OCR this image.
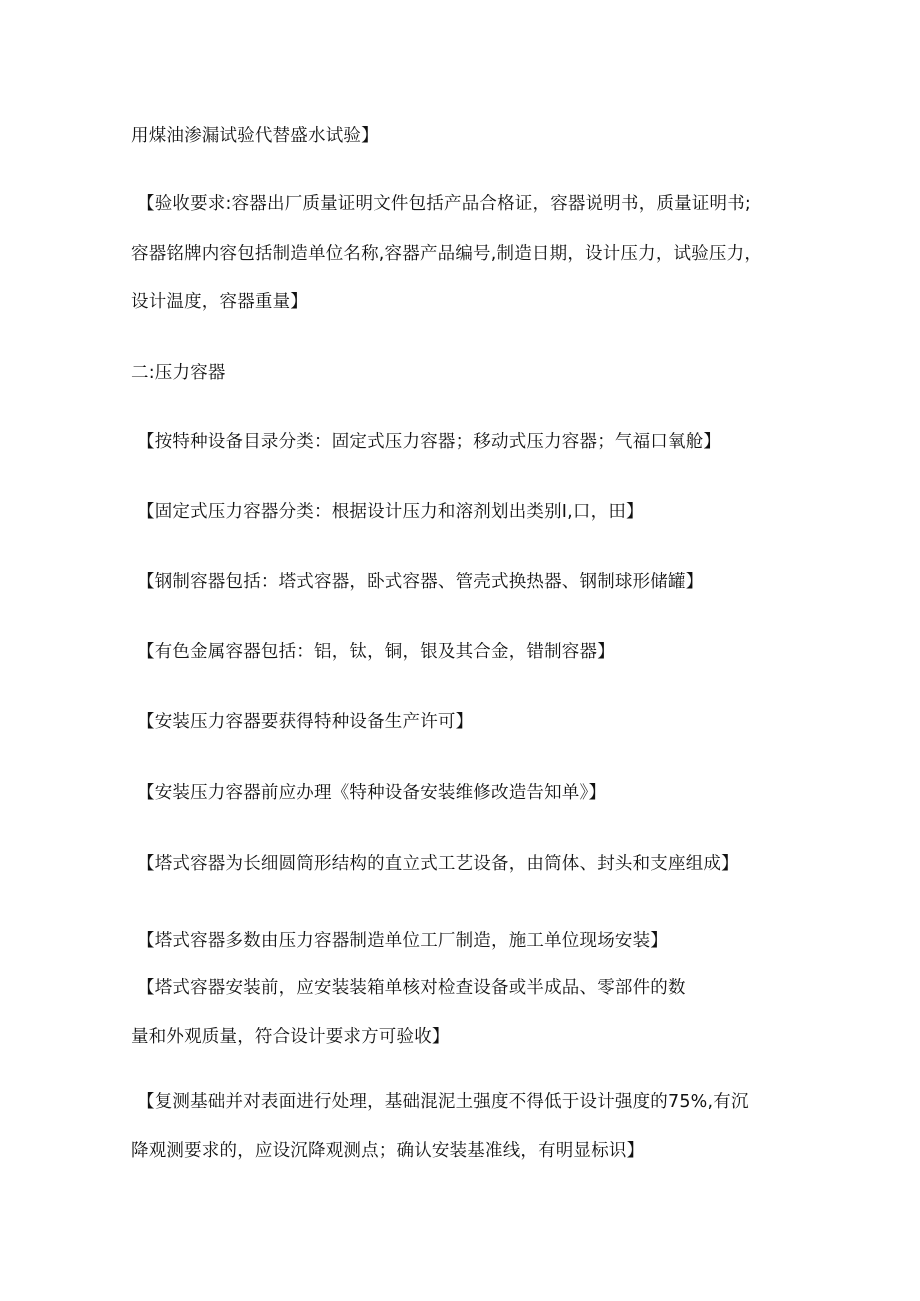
用煤油渗漏试验代替盛水试验】
【验收要求:容器出厂质量证明文件包括产品合格证，容器说明书，质量证明书;
容器铭牌内容包括制造单位名称,容器产品编号,制造日期，设计压力，试验压力，
设计温度，容器重量】
二:压力容器
【按特种设备目录分类：固定式压力容器；移动式压力容器；气福口氧舱】
【固定式压力容器分类：根据设计压力和溶剂划出类别Ⅰ,口，田】
【钢制容器包括：塔式容器，卧式容器、管壳式换热器、钢制球形储罐】
【有色金属容器包括：铝，钛，铜，银及其合金，错制容器】
【安装压力容器要获得特种设备生产许可】
【安装压力容器前应办理《特种设备安装维修改造告知单》】
【塔式容器为长细圆筒形结构的直立式工艺设备，由筒体、封头和支座组成】
【塔式容器多数由压力容器制造单位工厂制造，施工单位现场安装】
【塔式容器安装前，应安装装箱单核对检查设备或半成品、零部件的数
量和外观质量，符合设计要求方可验收】
【复测基础并对表面进行处理，基础混泥土强度不得低于设计强度的75%,有沉
降观测要求的，应设沉降观测点；确认安装基准线，有明显标识】
